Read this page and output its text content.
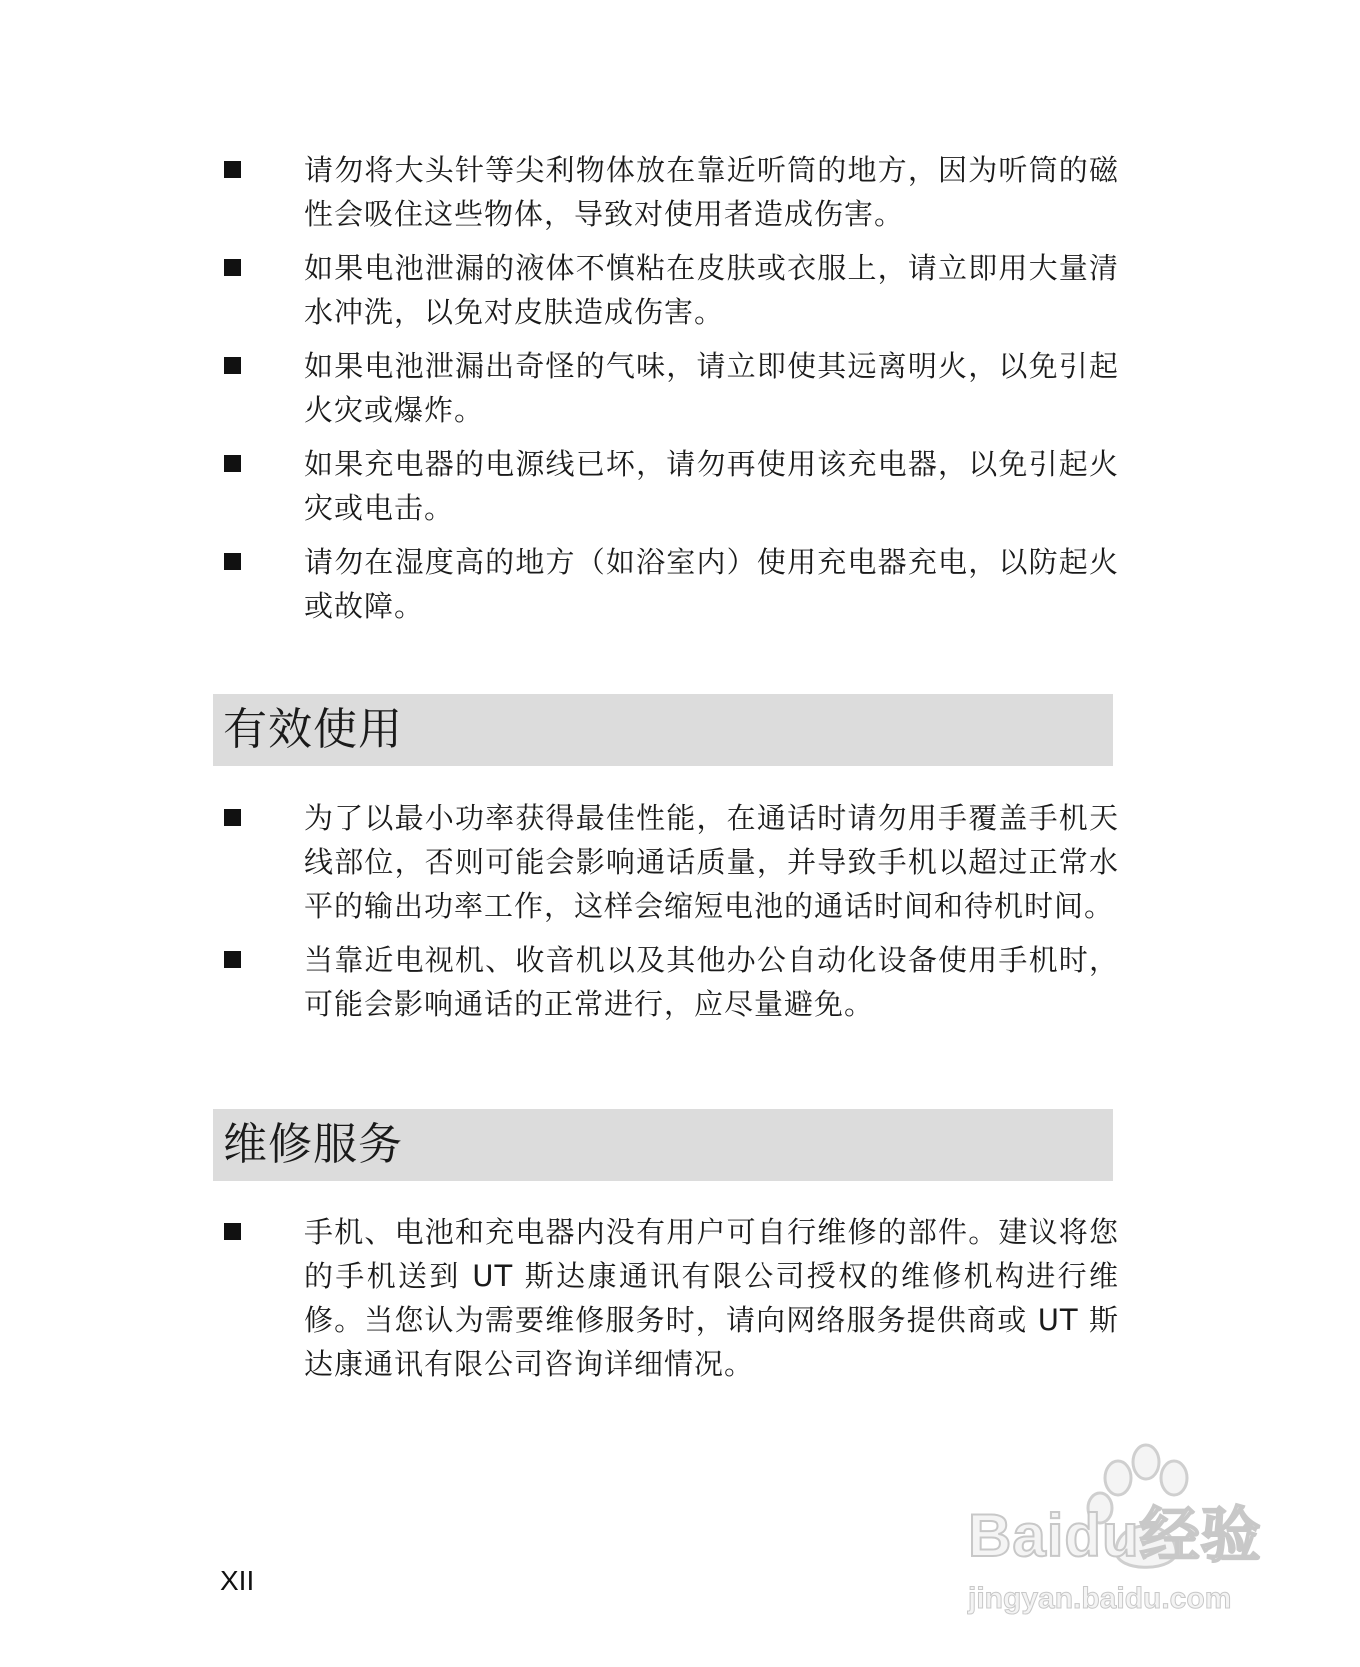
请勿将大头针等尖利物体放在靠近听筒的地方，因为听筒的磁性会吸住这些物体，导致对使用者造成伤害。
如果电池泄漏的液体不慎粘在皮肤或衣服上，请立即用大量清水冲洗，以免对皮肤造成伤害。
如果电池泄漏出奇怪的气味，请立即使其远离明火，以免引起火灾或爆炸。
如果充电器的电源线已坏，请勿再使用该充电器，以免引起火灾或电击。
请勿在湿度高的地方（如浴室内）使用充电器充电，以防起火或故障。
有效使用
为了以最小功率获得最佳性能，在通话时请勿用手覆盖手机天线部位，否则可能会影响通话质量，并导致手机以超过正常水平的输出功率工作，这样会缩短电池的通话时间和待机时间。
当靠近电视机、收音机以及其他办公自动化设备使用手机时，可能会影响通话的正常进行，应尽量避免。
维修服务
手机、电池和充电器内没有用户可自行维修的部件。建议将您的手机送到 UT 斯达康通讯有限公司授权的维修机构进行维修。当您认为需要维修服务时，请向网络服务提供商或 UT 斯达康通讯有限公司咨询详细情况。
XII
Baidu经验
jingyan.baidu.com
